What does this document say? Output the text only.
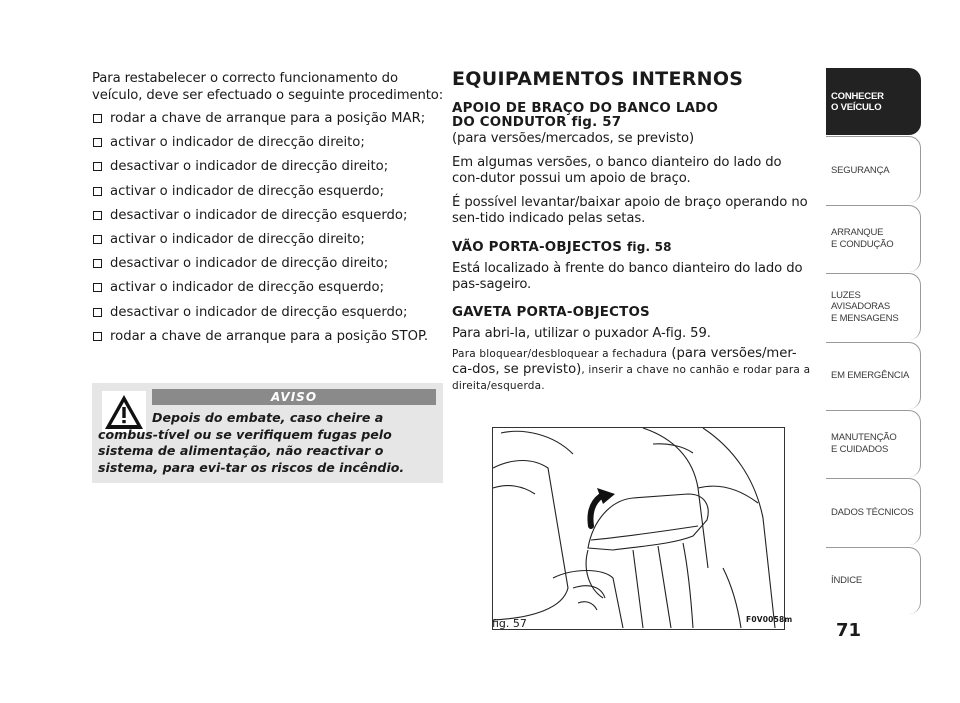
Para restabelecer o correcto funcionamento do veículo, deve ser efectuado o seguinte procedimento:

rodar a chave de arranque para a posição MAR;
activar o indicador de direcção direito;
desactivar o indicador de direcção direito;
activar o indicador de direcção esquerdo;
desactivar o indicador de direcção esquerdo;
activar o indicador de direcção direito;
desactivar o indicador de direcção direito;
activar o indicador de direcção esquerdo;
desactivar o indicador de direcção esquerdo;
rodar a chave de arranque para a posição STOP.
AVISO

Depois do embate, caso cheire a combus-tível ou se verifiquem fugas pelo sistema de alimentação, não reactivar o sistema, para evi-tar os riscos de incêndio.

EQUIPAMENTOS INTERNOS

APOIO DE BRAÇO DO BANCO LADO

DO CONDUTOR fig. 57

(para versões/mercados, se previsto)

Em algumas versões, o banco dianteiro do lado do con-dutor possui um apoio de braço.

É possível levantar/baixar apoio de braço operando no sen-tido indicado pelas setas.

VÃO PORTA-OBJECTOS fig. 58

Está localizado à frente do banco dianteiro do lado do pas-sageiro.

GAVETA PORTA-OBJECTOS

Para abri-la, utilizar o puxador A-fig. 59.

Para bloquear/desbloquear a fechadura (para versões/mer-ca-dos, se previsto), inserir a chave no canhão e rodar para a direita/esquerda.

fig. 57	F0V0058m
CONHECER
O VEÍCULO
SEGURANÇA
ARRANQUE
E CONDUÇÃO
LUZES AVISADORAS
E MENSAGENS
EM EMERGÊNCIA
MANUTENÇÃO
E CUIDADOS
DADOS TÉCNICOS
ÍNDICE
71
